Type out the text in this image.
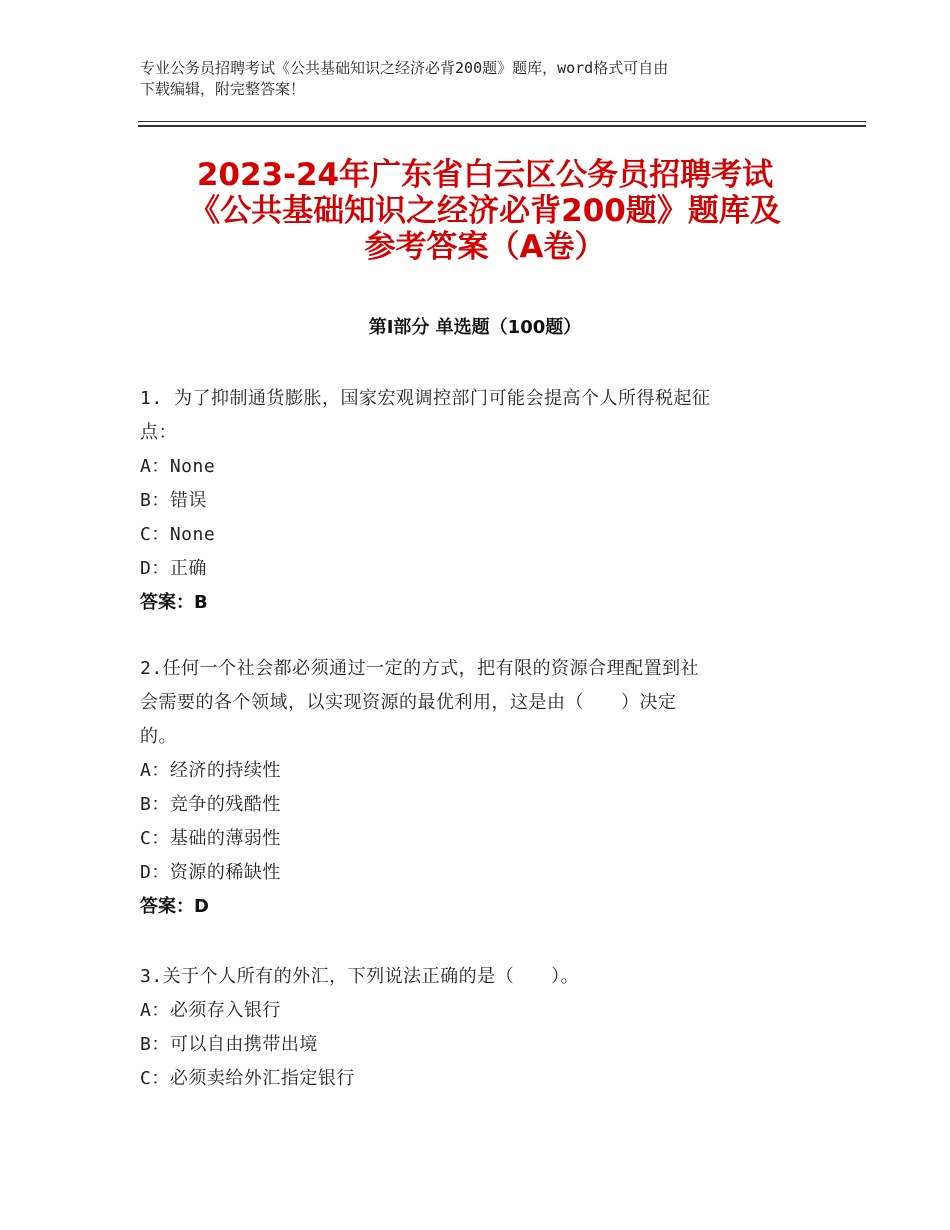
专业公务员招聘考试《公共基础知识之经济必背200题》题库，word格式可自由
下载编辑，附完整答案！
2023-24年广东省白云区公务员招聘考试
《公共基础知识之经济必背200题》题库及
参考答案（A卷）
第Ⅰ部分 单选题（100题）
1. 为了抑制通货膨胀，国家宏观调控部门可能会提高个人所得税起征
点：
A：None
B：错误
C：None
D：正确
答案：B
2.任何一个社会都必须通过一定的方式，把有限的资源合理配置到社
会需要的各个领域，以实现资源的最优利用，这是由（　　）决定
的。
A：经济的持续性
B：竞争的残酷性
C：基础的薄弱性
D：资源的稀缺性
答案：D
3.关于个人所有的外汇，下列说法正确的是（　　）。
A：必须存入银行
B：可以自由携带出境
C：必须卖给外汇指定银行
